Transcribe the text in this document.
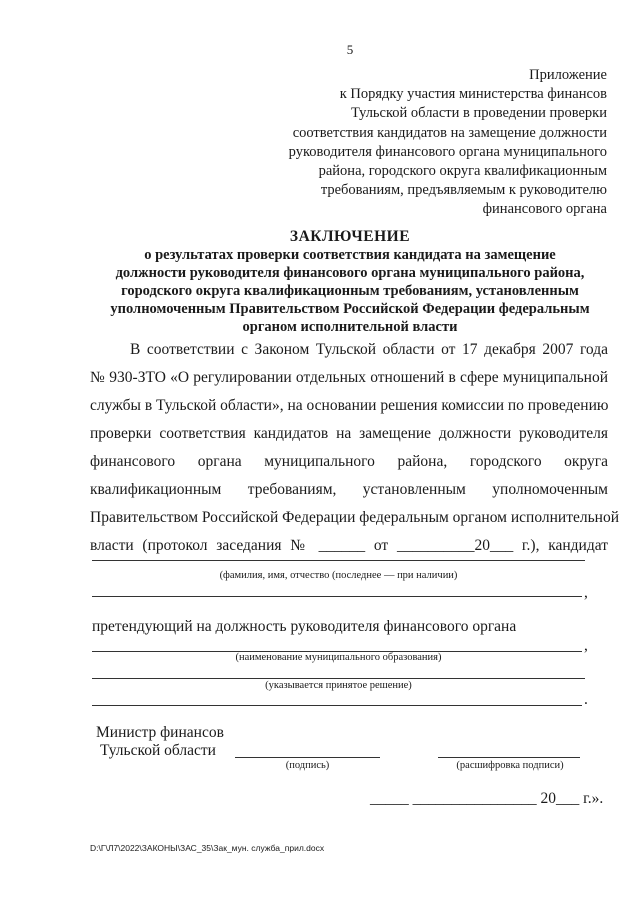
5
Приложение
к Порядку участия министерства финансов
Тульской области в проведении проверки
соответствия кандидатов на замещение должности
руководителя финансового органа муниципального
района, городского округа квалификационным
требованиям, предъявляемым к руководителю
финансового органа
ЗАКЛЮЧЕНИЕ
о результатах проверки соответствия кандидата на замещение
должности руководителя финансового органа муниципального района,
городского округа квалификационным требованиям, установленным
уполномоченным Правительством Российской Федерации федеральным
органом исполнительной власти
В соответствии с Законом Тульской области от 17 декабря 2007 года
№ 930-ЗТО «О регулировании отдельных отношений в сфере муниципальной
службы в Тульской области», на основании решения комиссии по проведению
проверки соответствия кандидатов на замещение должности руководителя
финансового органа муниципального района, городского округа
квалификационным требованиям, установленным уполномоченным
Правительством Российской Федерации федеральным органом исполнительной
власти (протокол заседания № ______ от __________20___ г.), кандидат
(фамилия, имя, отчество (последнее — при наличии)
,
претендующий на должность руководителя финансового органа
,
(наименование муниципального образования)
(указывается принятое решение)
.
Министр финансов
Тульской области
(подпись)	(расшифровка подписи)
_____ ________________ 20___ г.».
D:\Г\Л7\2022\ЗАКОНЫ\ЗАС_35\Зак_мун. служба_прил.docx
